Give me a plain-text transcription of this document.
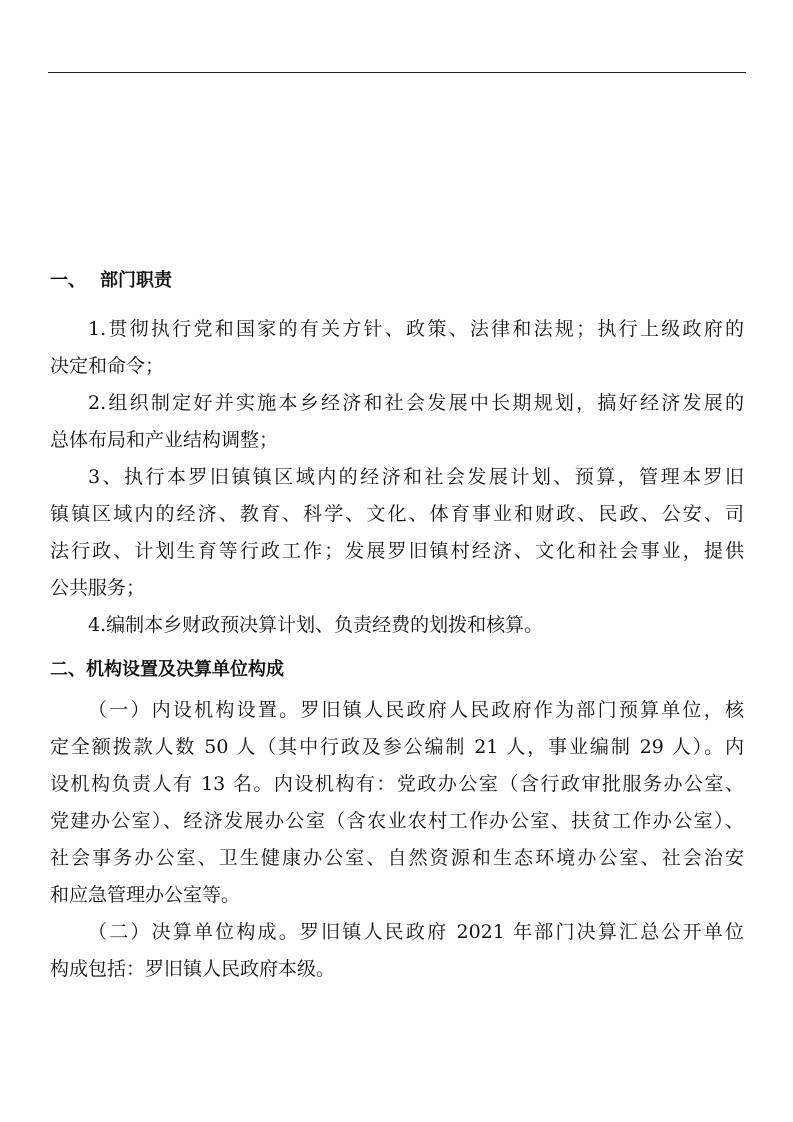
一、 部门职责

1.贯彻执行党和国家的有关方针、政策、法律和法规；执行上级政府的
决定和命令；

2.组织制定好并实施本乡经济和社会发展中长期规划，搞好经济发展的
总体布局和产业结构调整；

3、执行本罗旧镇镇区域内的经济和社会发展计划、预算，管理本罗旧
镇镇区域内的经济、教育、科学、文化、体育事业和财政、民政、公安、司
法行政、计划生育等行政工作；发展罗旧镇村经济、文化和社会事业，提供
公共服务；

4.编制本乡财政预决算计划、负责经费的划拨和核算。

二、机构设置及决算单位构成

（一）内设机构设置。罗旧镇人民政府人民政府作为部门预算单位，核
定全额拨款人数 50 人（其中行政及参公编制 21 人，事业编制 29 人）。内
设机构负责人有 13 名。内设机构有：党政办公室（含行政审批服务办公室、
党建办公室）、经济发展办公室（含农业农村工作办公室、扶贫工作办公室）、
社会事务办公室、卫生健康办公室、自然资源和生态环境办公室、社会治安
和应急管理办公室等。

（二）决算单位构成。罗旧镇人民政府 2021 年部门决算汇总公开单位
构成包括：罗旧镇人民政府本级。
